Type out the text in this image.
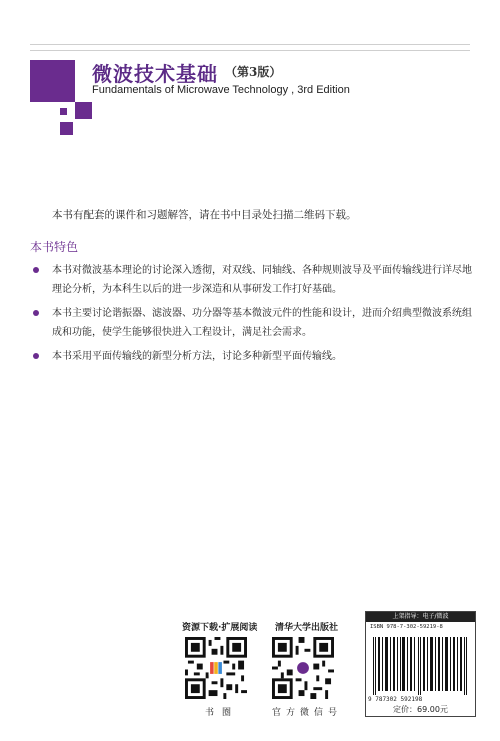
微波技术基础 （第3版）
Fundamentals of Microwave Technology , 3rd Edition
本书有配套的课件和习题解答，请在书中目录处扫描二维码下载。
本书特色
本书对微波基本理论的讨论深入透彻，对双线、同轴线、各种规则波导及平面传输线进行详尽地理论分析，为本科生以后的进一步深造和从事研发工作打好基础。
本书主要讨论谐振器、滤波器、功分器等基本微波元件的性能和设计，进而介绍典型微波系统组成和功能，使学生能够很快进入工程设计，满足社会需求。
本书采用平面传输线的新型分析方法，讨论多种新型平面传输线。
资源下载·扩展阅读 清华大学出版社
书圈	官方微信号
上架指导：电子/微波
ISBN 978-7-302-59219-8
9 787302 592198
定价：69.00元
